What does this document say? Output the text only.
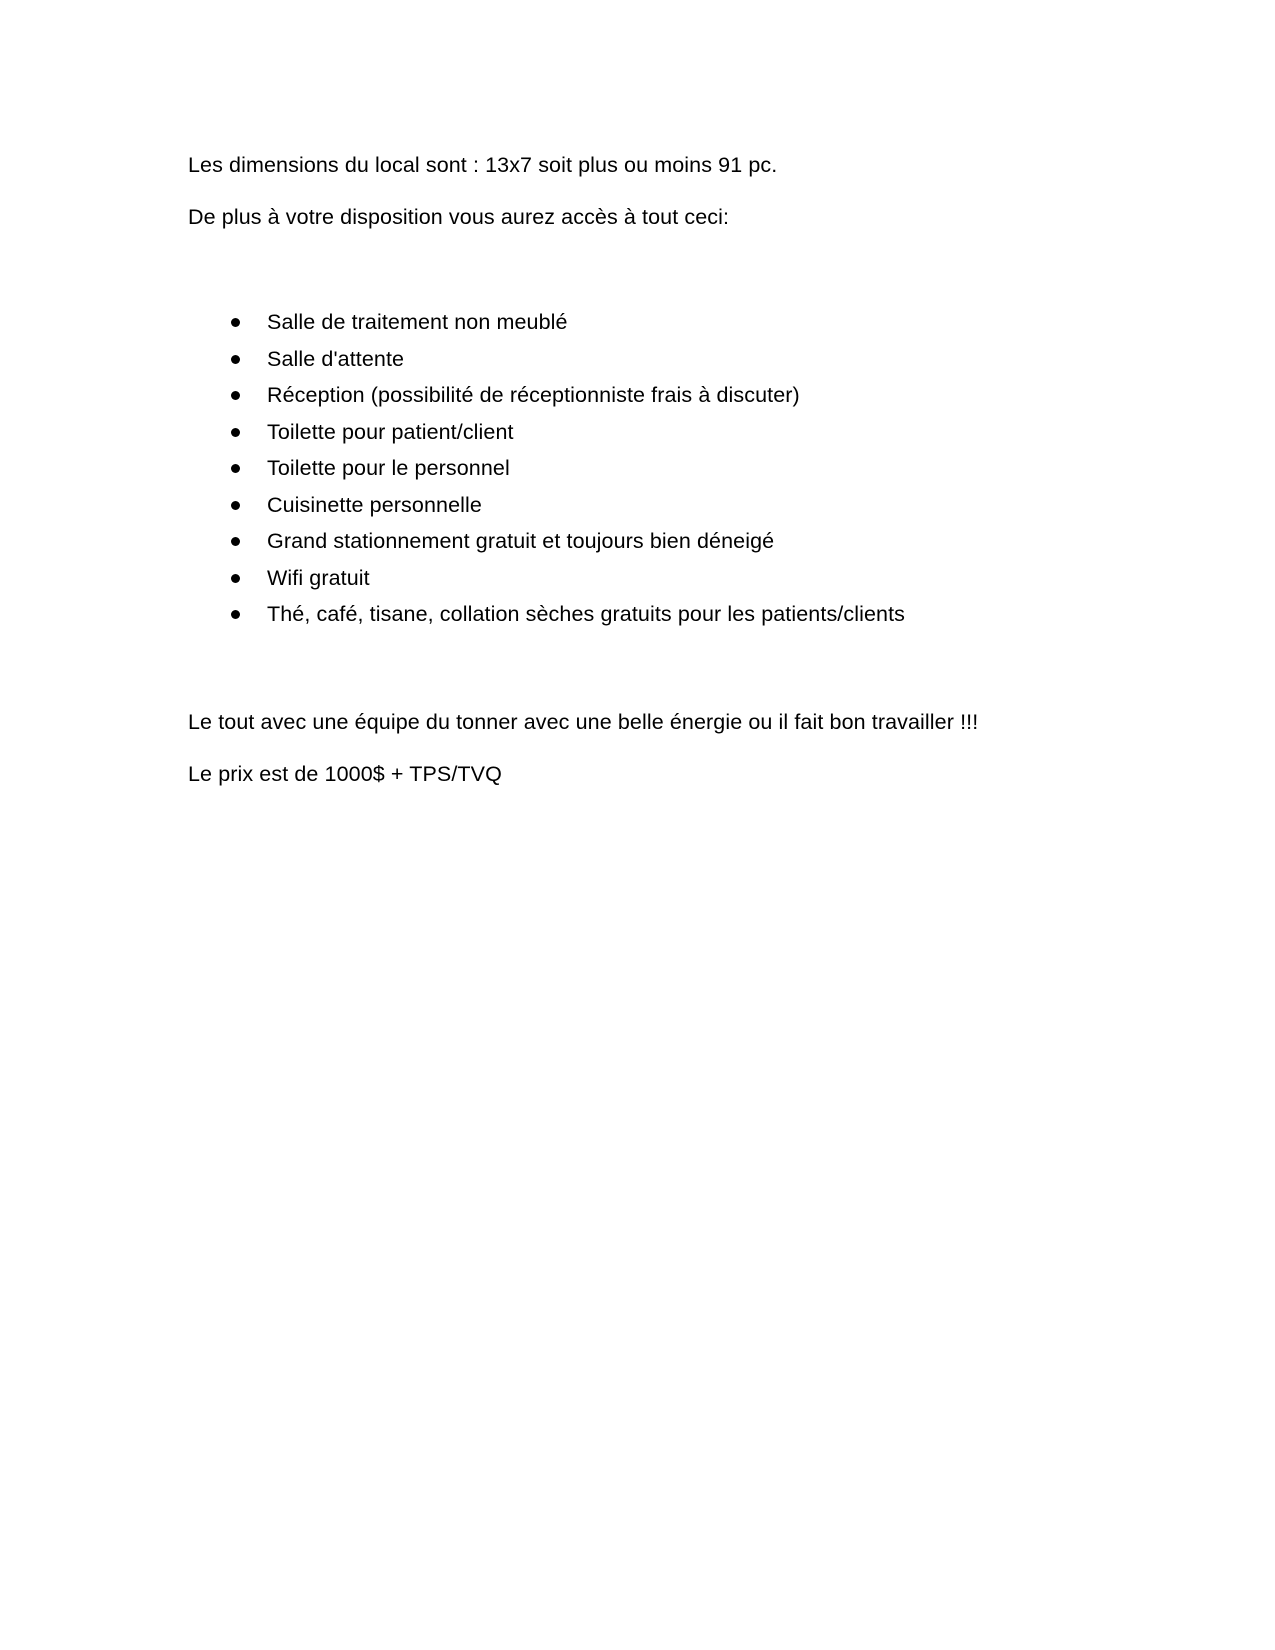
Les dimensions du local sont : 13x7 soit plus ou moins 91 pc.
De plus à votre disposition vous aurez accès à tout ceci:
Salle de traitement non meublé
Salle d'attente
Réception (possibilité de réceptionniste frais à discuter)
Toilette pour patient/client
Toilette pour le personnel
Cuisinette personnelle
Grand stationnement gratuit et toujours bien déneigé
Wifi gratuit
Thé, café, tisane, collation sèches gratuits pour les patients/clients
Le tout avec une équipe du tonner avec une belle énergie ou il fait bon travailler !!!
Le prix est de 1000$ + TPS/TVQ
